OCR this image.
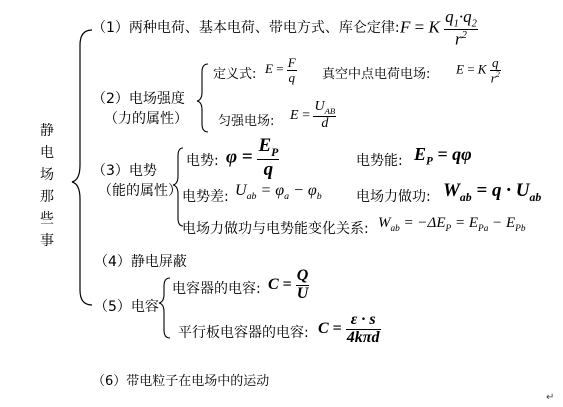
静
电
场
那
些
事
（1）两种电荷、基本电荷、带电方式、库仑定律: F = K $\frac{q_1\cdot q_2}{r^2}$
（2）电场强度
（力的属性）
定义式: $E = \frac{F}{q}$ 真空中点电荷电场: E = K $\frac{q}{r^2}$
匀强电场: $E = \frac{U_{AB}}{d}$
（3）电势
（能的属性）
电势: $\varphi = \frac{E_P}{q}$	电势能: $E_P = q\varphi$
电势差: $U_{ab} = \varphi_a - \varphi_b$ 电场力做功: $W_{ab} = q \cdot U_{ab}$
电场力做功与电势能变化关系: $W_{ab} = -\Delta E_P = E_{Pa} - E_{Pb}$
（4）静电屏蔽
（5）电容
电容器的电容: $C = \frac{Q}{U}$
平行板电容器的电容: $C = \frac{\varepsilon \cdot s}{\text{4kπd}}$
（6）带电粒子在电场中的运动
↵
